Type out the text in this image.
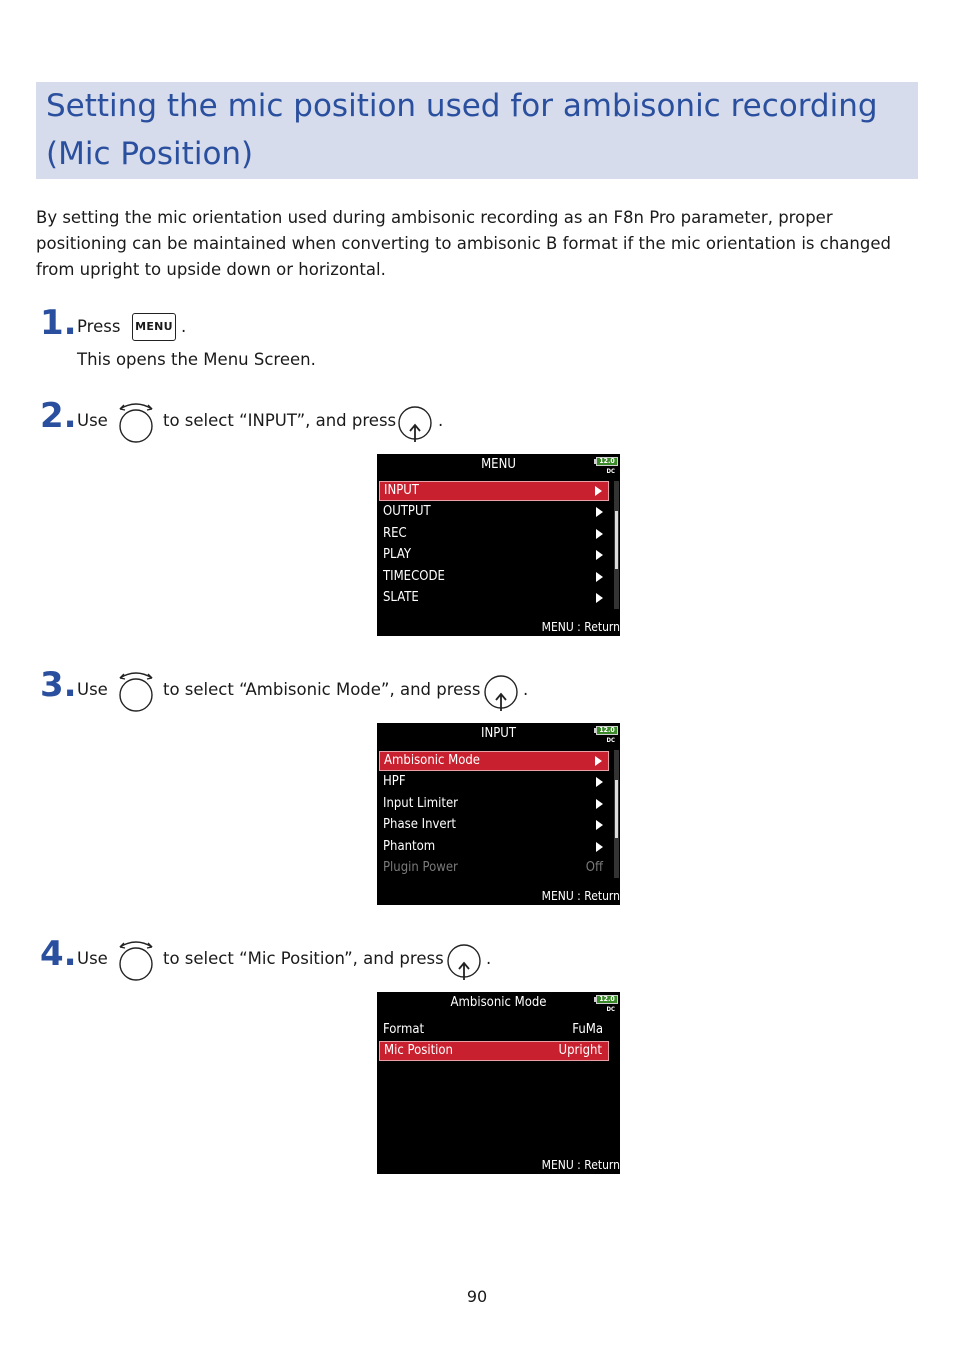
Setting the mic position used for ambisonic recording (Mic Position)
By setting the mic orientation used during ambisonic recording as an F8n Pro parameter, proper positioning can be maintained when converting to ambisonic B format if the mic orientation is changed from upright to upside down or horizontal.
1. Press MENU .
This opens the Menu Screen.
2. Use	to select “INPUT”, and press	.
MENU	12.0
DC
INPUT
OUTPUT
REC
PLAY
TIMECODE
SLATE
MENU : Return
3. Use	to select “Ambisonic Mode”, and press	.
INPUT	12.0
DC
Ambisonic Mode
HPF
Input Limiter
Phase Invert
Phantom
Plugin Power	Off
MENU : Return
4. Use	to select “Mic Position”, and press	.
Ambisonic Mode	12.0
DC
Format	FuMa
Mic Position	Upright
MENU : Return
90
